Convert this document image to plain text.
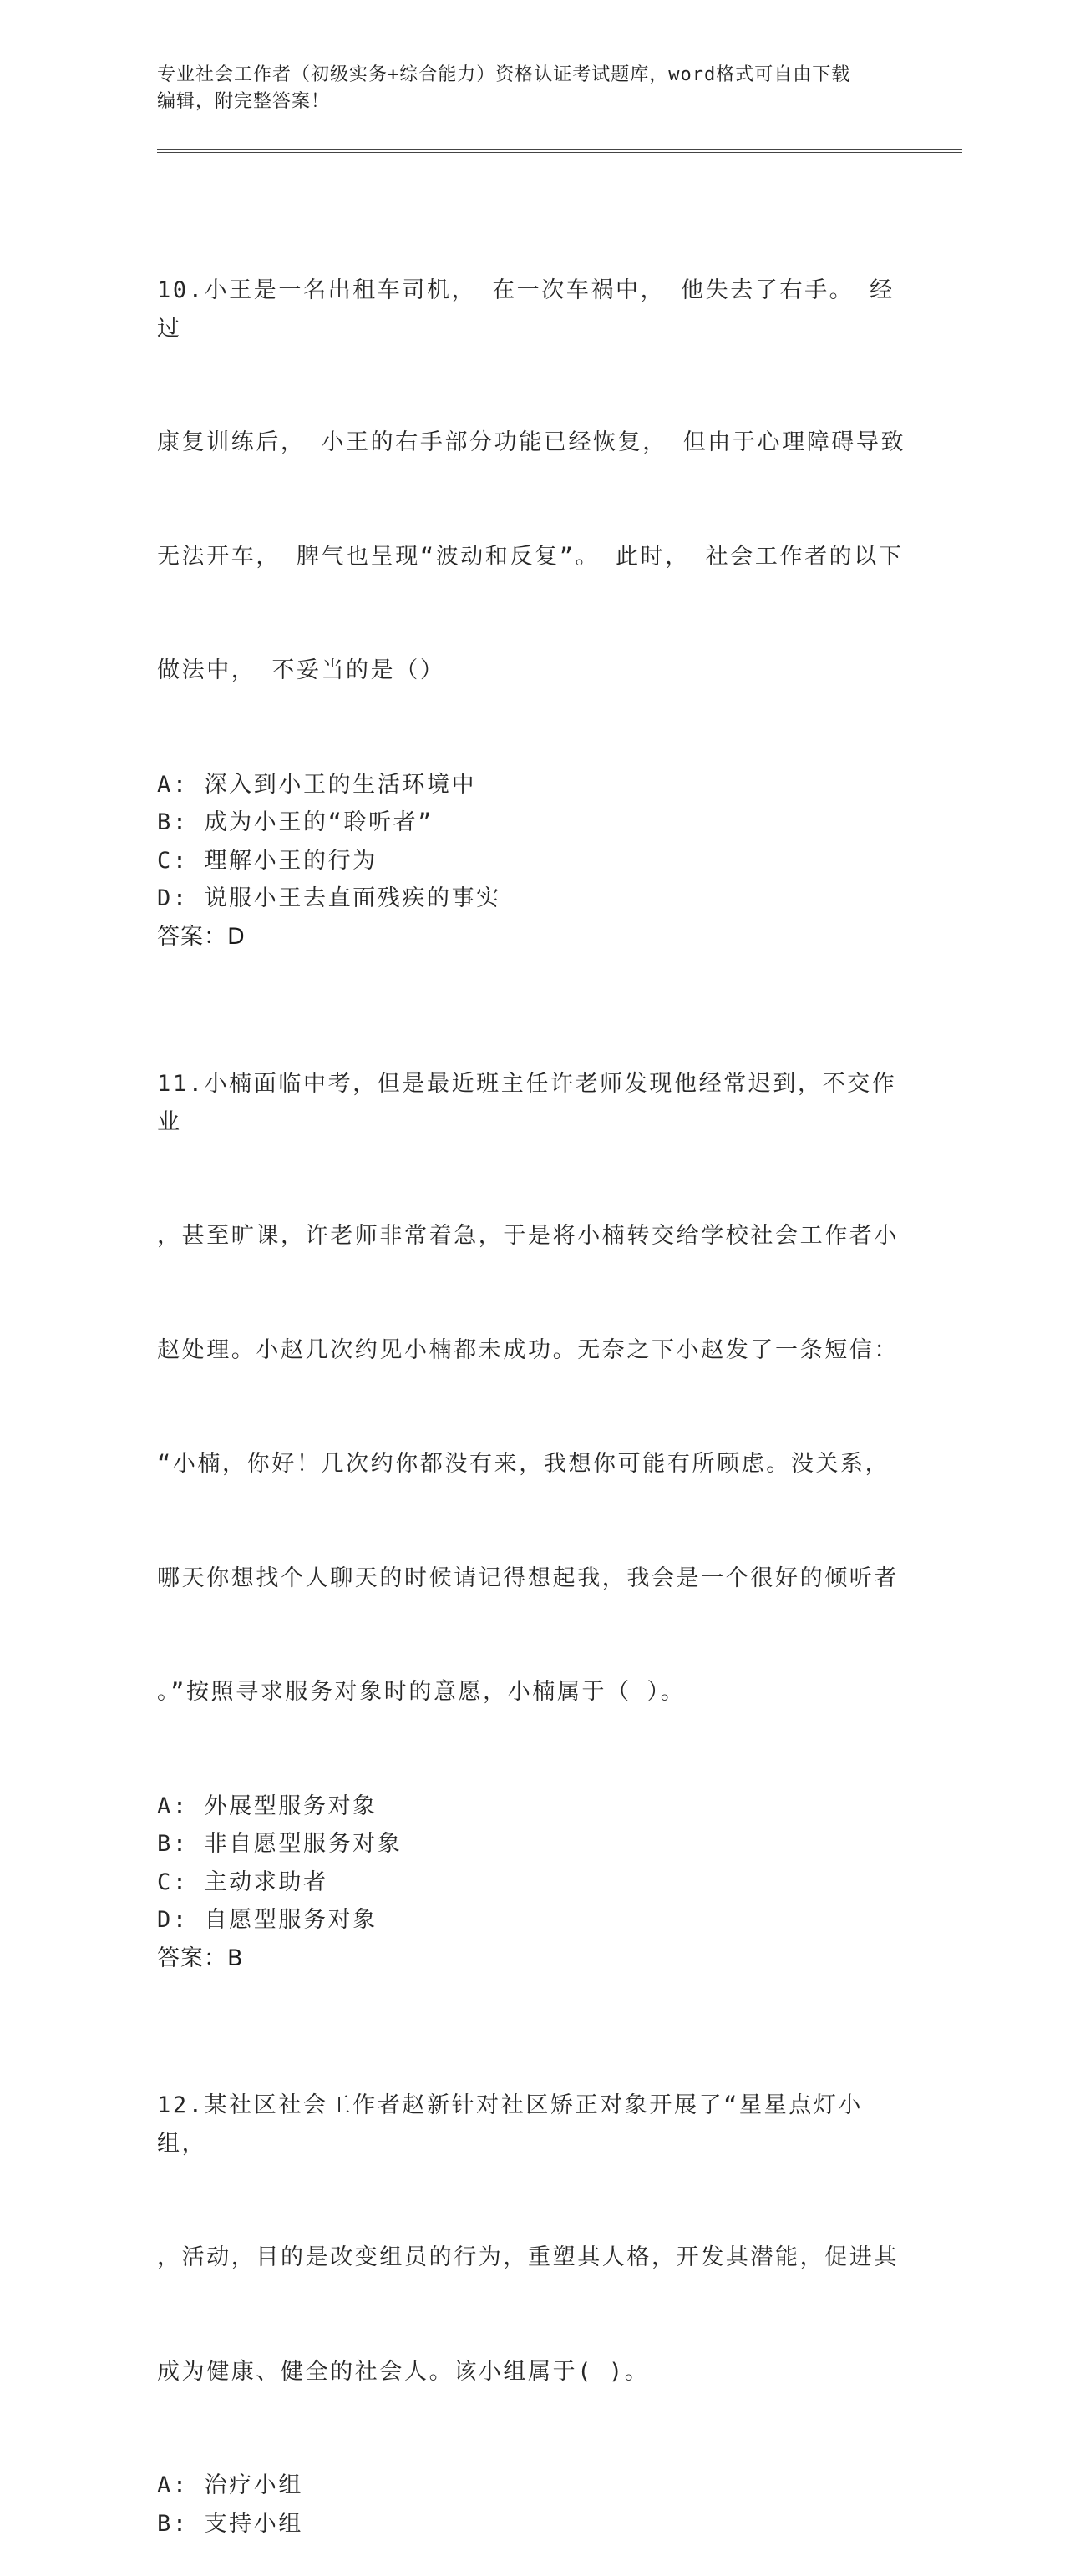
专业社会工作者（初级实务+综合能力）资格认证考试题库，word格式可自由下载
编辑，附完整答案！

10.小王是一名出租车司机， 在一次车祸中， 他失去了右手。 经过

康复训练后， 小王的右手部分功能已经恢复， 但由于心理障碍导致

无法开车， 脾气也呈现“波动和反复”。 此时， 社会工作者的以下

做法中， 不妥当的是（）

A: 深入到小王的生活环境中
B: 成为小王的“聆听者”
C: 理解小王的行为
D: 说服小王去直面残疾的事实
答案：D

11.小楠面临中考，但是最近班主任许老师发现他经常迟到，不交作业

，甚至旷课，许老师非常着急，于是将小楠转交给学校社会工作者小

赵处理。小赵几次约见小楠都未成功。无奈之下小赵发了一条短信：

“小楠，你好！几次约你都没有来，我想你可能有所顾虑。没关系，

哪天你想找个人聊天的时候请记得想起我，我会是一个很好的倾听者

。”按照寻求服务对象时的意愿，小楠属于（ ）。

A: 外展型服务对象
B: 非自愿型服务对象
C: 主动求助者
D: 自愿型服务对象
答案：B

12.某社区社会工作者赵新针对社区矫正对象开展了“星星点灯小组，

，活动，目的是改变组员的行为，重塑其人格，开发其潜能，促进其

成为健康、健全的社会人。该小组属于( )。

A: 治疗小组
B: 支持小组
